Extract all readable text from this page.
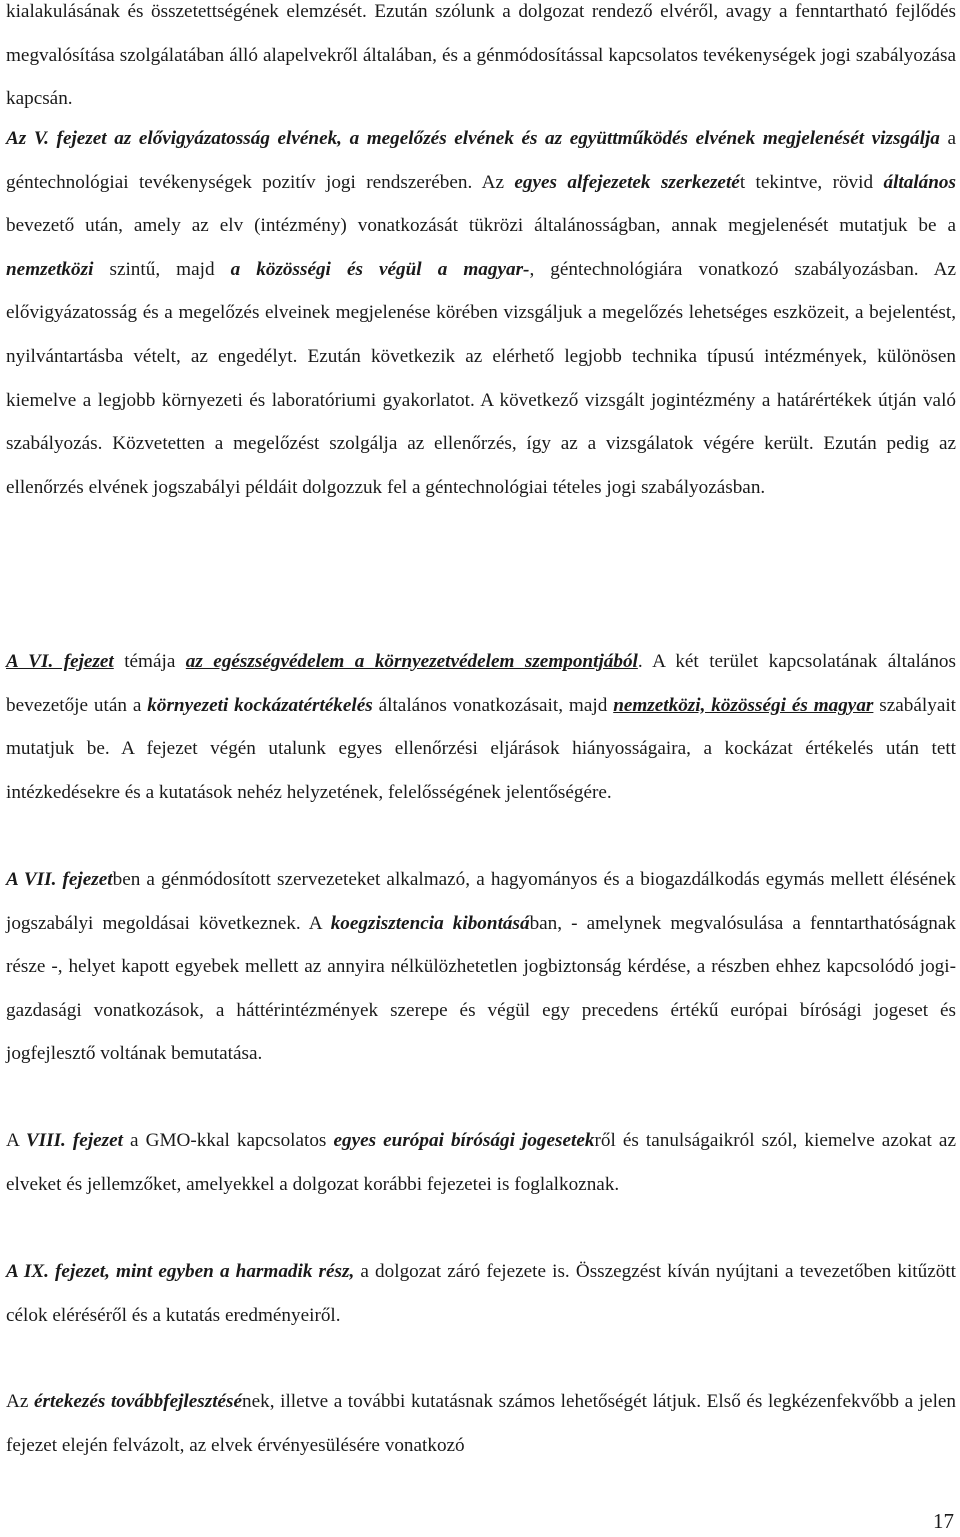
kialakulásának és összetettségének elemzését. Ezután szólunk a dolgozat rendező elvéről, avagy a fenntartható fejlődés megvalósítása szolgálatában álló alapelvekről általában, és a génmódosítással kapcsolatos tevékenységek jogi szabályozása kapcsán.

Az V. fejezet az elővigyázatosság elvének, a megelőzés elvének és az együttműködés elvének megjelenését vizsgálja a géntechnológiai tevékenységek pozitív jogi rendszerében. Az egyes alfejezetek szerkezetét tekintve, rövid általános bevezető után, amely az elv (intézmény) vonatkozását tükrözi általánosságban, annak megjelenését mutatjuk be a nemzetközi szintű, majd a közösségi és végül a magyar-, géntechnológiára vonatkozó szabályozásban. Az elővigyázatosság és a megelőzés elveinek megjelenése körében vizsgáljuk a megelőzés lehetséges eszközeit, a bejelentést, nyilvántartásba vételt, az engedélyt. Ezután következik az elérhető legjobb technika típusú intézmények, különösen kiemelve a legjobb környezeti és laboratóriumi gyakorlatot. A következő vizsgált jogintézmény a határértékek útján való szabályozás. Közvetetten a megelőzést szolgálja az ellenőrzés, így az a vizsgálatok végére került. Ezután pedig az ellenőrzés elvének jogszabályi példáit dolgozzuk fel a géntechnológiai tételes jogi szabályozásban.

A VI. fejezet témája az egészségvédelem a környezetvédelem szempontjából. A két terület kapcsolatának általános bevezetője után a környezeti kockázatértékelés általános vonatkozásait, majd nemzetközi, közösségi és magyar szabályait mutatjuk be. A fejezet végén utalunk egyes ellenőrzési eljárások hiányosságaira, a kockázat értékelés után tett intézkedésekre és a kutatások nehéz helyzetének, felelősségének jelentőségére.

A VII. fejezetben a génmódosított szervezeteket alkalmazó, a hagyományos és a biogazdálkodás egymás mellett élésének jogszabályi megoldásai következnek. A koegzisztencia kibontásában, - amelynek megvalósulása a fenntarthatóságnak része -, helyet kapott egyebek mellett az annyira nélkülözhetetlen jogbiztonság kérdése, a részben ehhez kapcsolódó jogi-gazdasági vonatkozások, a háttérintézmények szerepe és végül egy precedens értékű európai bírósági jogeset és jogfejlesztő voltának bemutatása.

A VIII. fejezet a GMO-kkal kapcsolatos egyes európai bírósági jogesetekről és tanulságaikról szól, kiemelve azokat az elveket és jellemzőket, amelyekkel a dolgozat korábbi fejezetei is foglalkoznak.

A IX. fejezet, mint egyben a harmadik rész, a dolgozat záró fejezete is. Összegzést kíván nyújtani a tevezetőben kitűzött célok eléréséről és a kutatás eredményeiről.

Az értekezés továbbfejlesztésének, illetve a további kutatásnak számos lehetőségét látjuk. Első és legkézenfekvőbb a jelen fejezet elején felvázolt, az elvek érvényesülésére vonatkozó

17
